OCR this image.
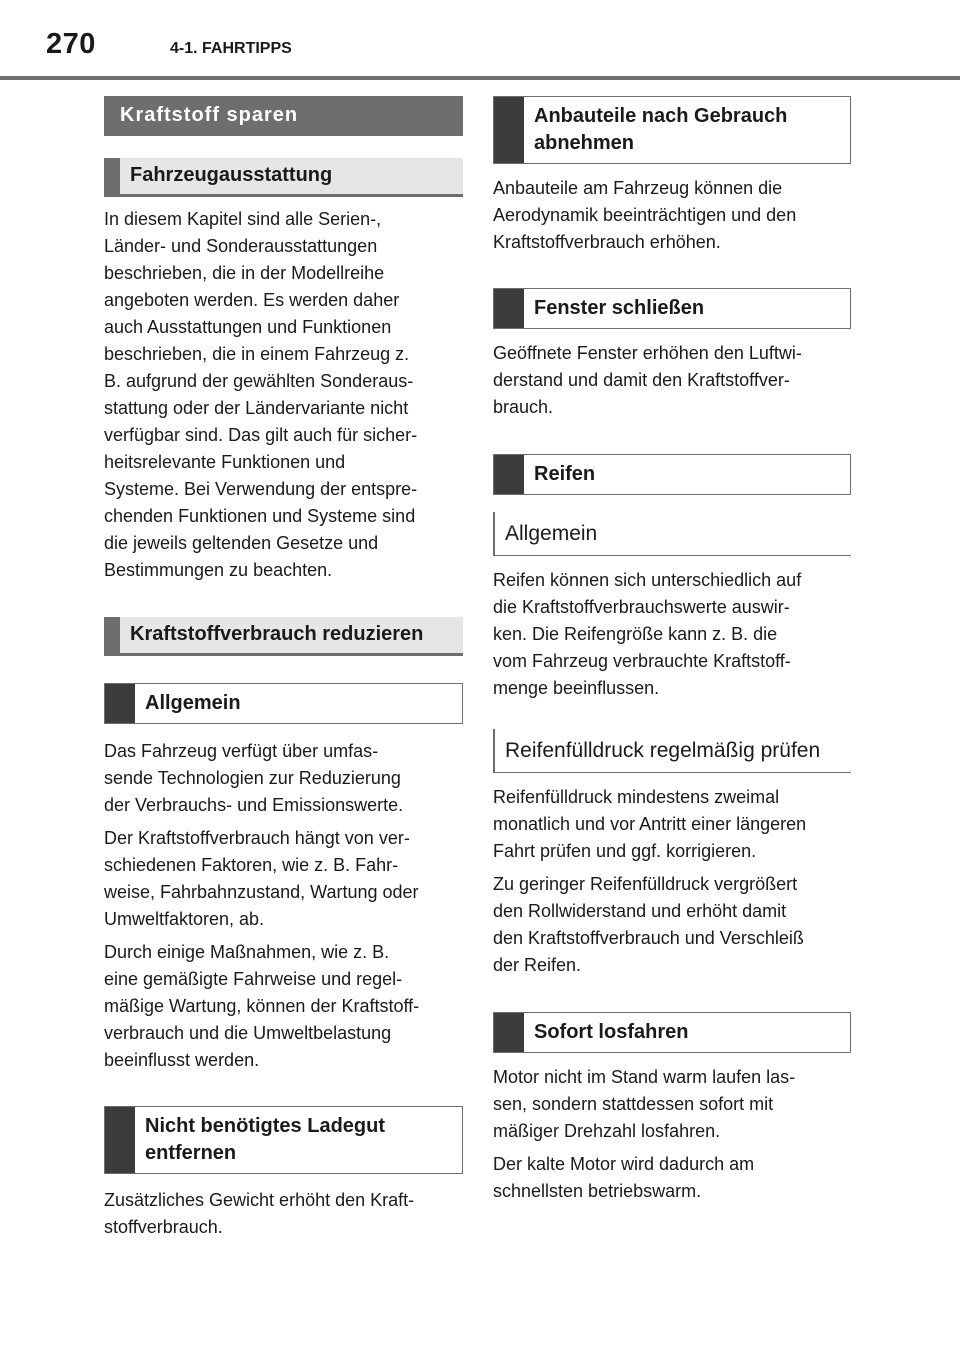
270	4-1. FAHRTIPPS
Kraftstoff sparen
Fahrzeugausstattung

In diesem Kapitel sind alle Serien-,
Länder- und Sonderausstattungen
beschrieben, die in der Modellreihe
angeboten werden. Es werden daher
auch Ausstattungen und Funktionen
beschrieben, die in einem Fahrzeug z.
B. aufgrund der gewählten Sonderaus-
stattung oder der Ländervariante nicht
verfügbar sind. Das gilt auch für sicher-
heitsrelevante Funktionen und
Systeme. Bei Verwendung der entspre-
chenden Funktionen und Systeme sind
die jeweils geltenden Gesetze und
Bestimmungen zu beachten.

Kraftstoffverbrauch reduzieren
Allgemein

Das Fahrzeug verfügt über umfas-
sende Technologien zur Reduzierung
der Verbrauchs- und Emissionswerte.

Der Kraftstoffverbrauch hängt von ver-
schiedenen Faktoren, wie z. B. Fahr-
weise, Fahrbahnzustand, Wartung oder
Umweltfaktoren, ab.

Durch einige Maßnahmen, wie z. B.
eine gemäßigte Fahrweise und regel-
mäßige Wartung, können der Kraftstoff-
verbrauch und die Umweltbelastung
beeinflusst werden.

Nicht benötigtes Ladegut
entfernen

Zusätzliches Gewicht erhöht den Kraft-
stoffverbrauch.

Anbauteile nach Gebrauch
abnehmen

Anbauteile am Fahrzeug können die
Aerodynamik beeinträchtigen und den
Kraftstoffverbrauch erhöhen.

Fenster schließen

Geöffnete Fenster erhöhen den Luftwi-
derstand und damit den Kraftstoffver-
brauch.

Reifen
Allgemein

Reifen können sich unterschiedlich auf
die Kraftstoffverbrauchswerte auswir-
ken. Die Reifengröße kann z. B. die
vom Fahrzeug verbrauchte Kraftstoff-
menge beeinflussen.

Reifenfülldruck regelmäßig prüfen

Reifenfülldruck mindestens zweimal
monatlich und vor Antritt einer längeren
Fahrt prüfen und ggf. korrigieren.

Zu geringer Reifenfülldruck vergrößert
den Rollwiderstand und erhöht damit
den Kraftstoffverbrauch und Verschleiß
der Reifen.

Sofort losfahren

Motor nicht im Stand warm laufen las-
sen, sondern stattdessen sofort mit
mäßiger Drehzahl losfahren.

Der kalte Motor wird dadurch am
schnellsten betriebswarm.
